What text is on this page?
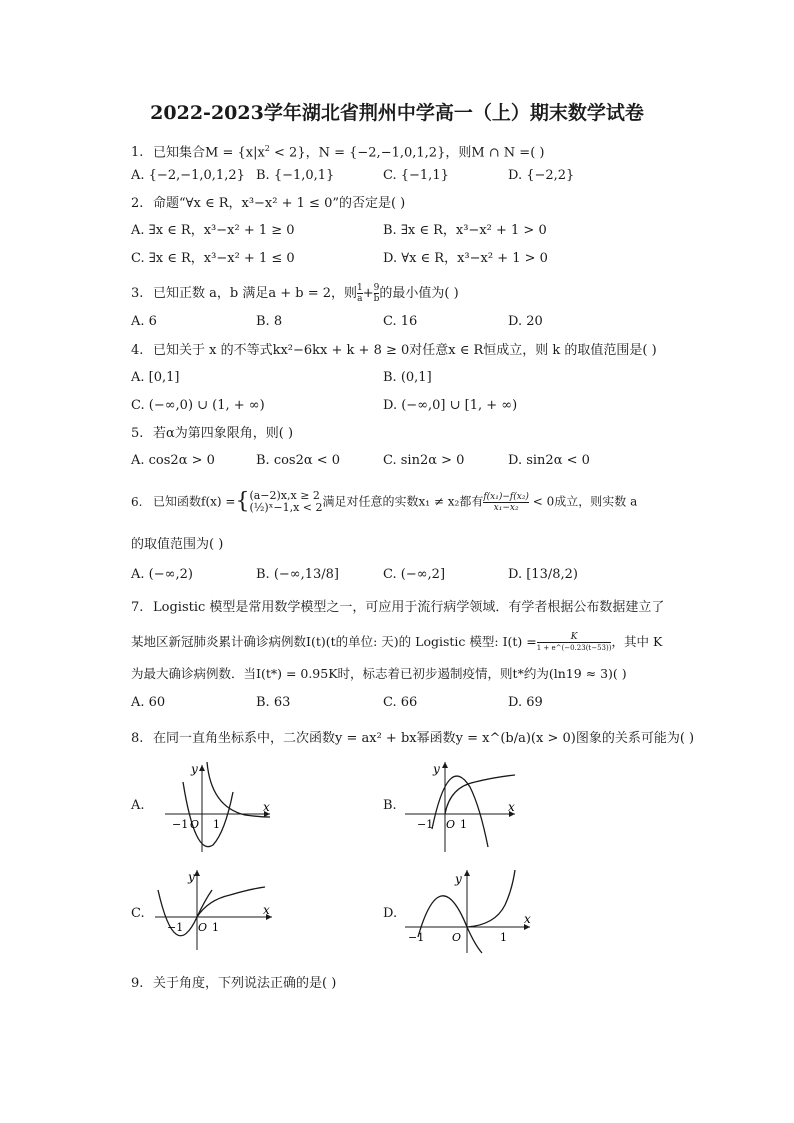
2022-2023学年湖北省荆州中学高一（上）期末数学试卷
1. 已知集合$M = \{x|x^2 < 2\}$，N = {−2,−1,0,1,2}，则M ∩ N =( )
A. {−2,−1,0,1,2} B. {−1,0,1}	C. {−1,1}	D. {−2,2}
2. 命题“∀x ∈ R，x³−x² + 1 ≤ 0”的否定是( )
A. ∃x ∈ R，x³−x² + 1 ≥ 0	B. ∃x ∈ R，x³−x² + 1 > 0
C. ∃x ∈ R，x³−x² + 1 ≤ 0	D. ∀x ∈ R，x³−x² + 1 > 0
3. 已知正数 a，b 满足a + b = 2，则 $\frac{1}{a} + \frac{9}{b}$ 的最小值为( )
A. 6	B. 8	C. 16	D. 20
4. 已知关于 x 的不等式kx²−6kx + k + 8 ≥ 0对任意x ∈ R恒成立，则 k 的取值范围是( )
A. [0,1]	B. (0,1]
C. (−∞,0) ∪ (1, + ∞)	D. (−∞,0] ∪ [1, + ∞)
5. 若α为第四象限角，则( )
A. cos2α > 0	B. cos2α < 0	C. sin2α > 0	D. sin2α < 0
6. 已知函数f(x) ={ (a−2)x,x ≥ 2
(½)ˣ−1,x < 2 满足对任意的实数x₁ ≠ x₂都有 $\frac{\text{f(x₁)−f(x₂)}}{\text{x₁−x₂}} < 0$成立，则实数 a
的取值范围为( )
A. (−∞,2)	B. (−∞,13/8]	C. (−∞,2]	D. [13/8,2)
7. Logistic 模型是常用数学模型之一，可应用于流行病学领域．有学者根据公布数据建立了
某地区新冠肺炎累计确诊病例数I(t)(t的单位: 天)的 Logistic 模型: $I(t) = \frac{K}{1 + e\^{}(-0.23(t-53))}$ ，其中 K
为最大确诊病例数．当I(t*) = 0.95K时，标志着已初步遏制疫情，则t*约为(ln19 ≈ 3)( )
A. 60	B. 63	C. 66	D. 69
8. 在同一直角坐标系中，二次函数y = ax² + bx幂函数y = x^(b/a)(x > 0)图象的关系可能为( )
A.	B.
C.	D.
y
x
−1 O 1
y
x
−1 O 1
y
x
−1 O 1
y
x
−1	O	1
9. 关于角度，下列说法正确的是( )
